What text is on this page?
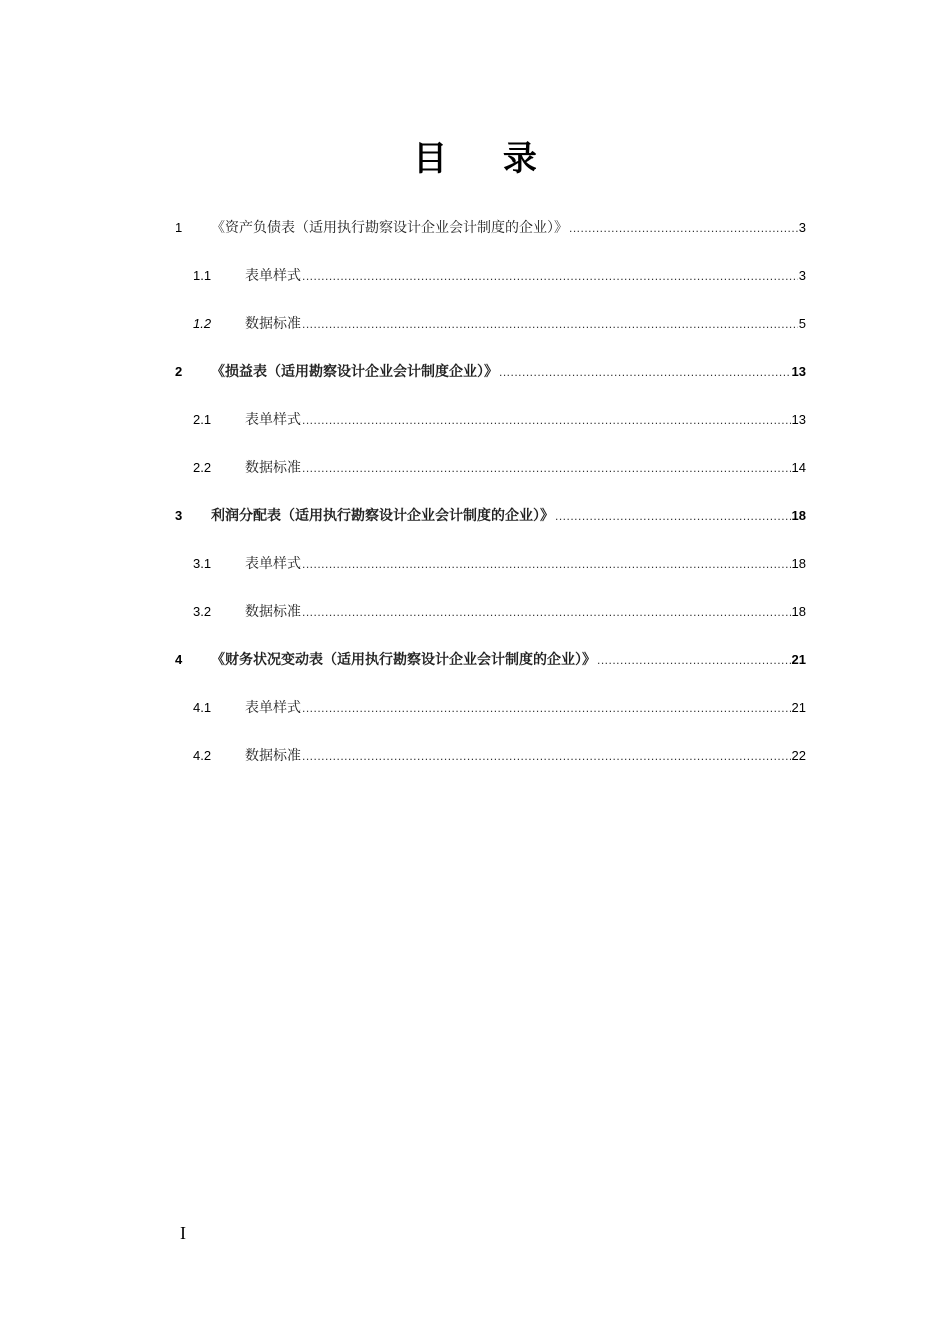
目 录
1	《资产负债表（适用执行勘察设计企业会计制度的企业）》 .....	3
1.1	表单样式 .....	3
1.2	数据标准 .....	5
2	《损益表（适用勘察设计企业会计制度企业）》 .....	13
2.1	表单样式 .....	13
2.2	数据标准 .....	14
3	利润分配表（适用执行勘察设计企业会计制度的企业）》 .....	18
3.1	表单样式 .....	18
3.2	数据标准 .....	18
4	《财务状况变动表（适用执行勘察设计企业会计制度的企业）》 .....	21
4.1	表单样式 .....	21
4.2	数据标准 .....	22
I
